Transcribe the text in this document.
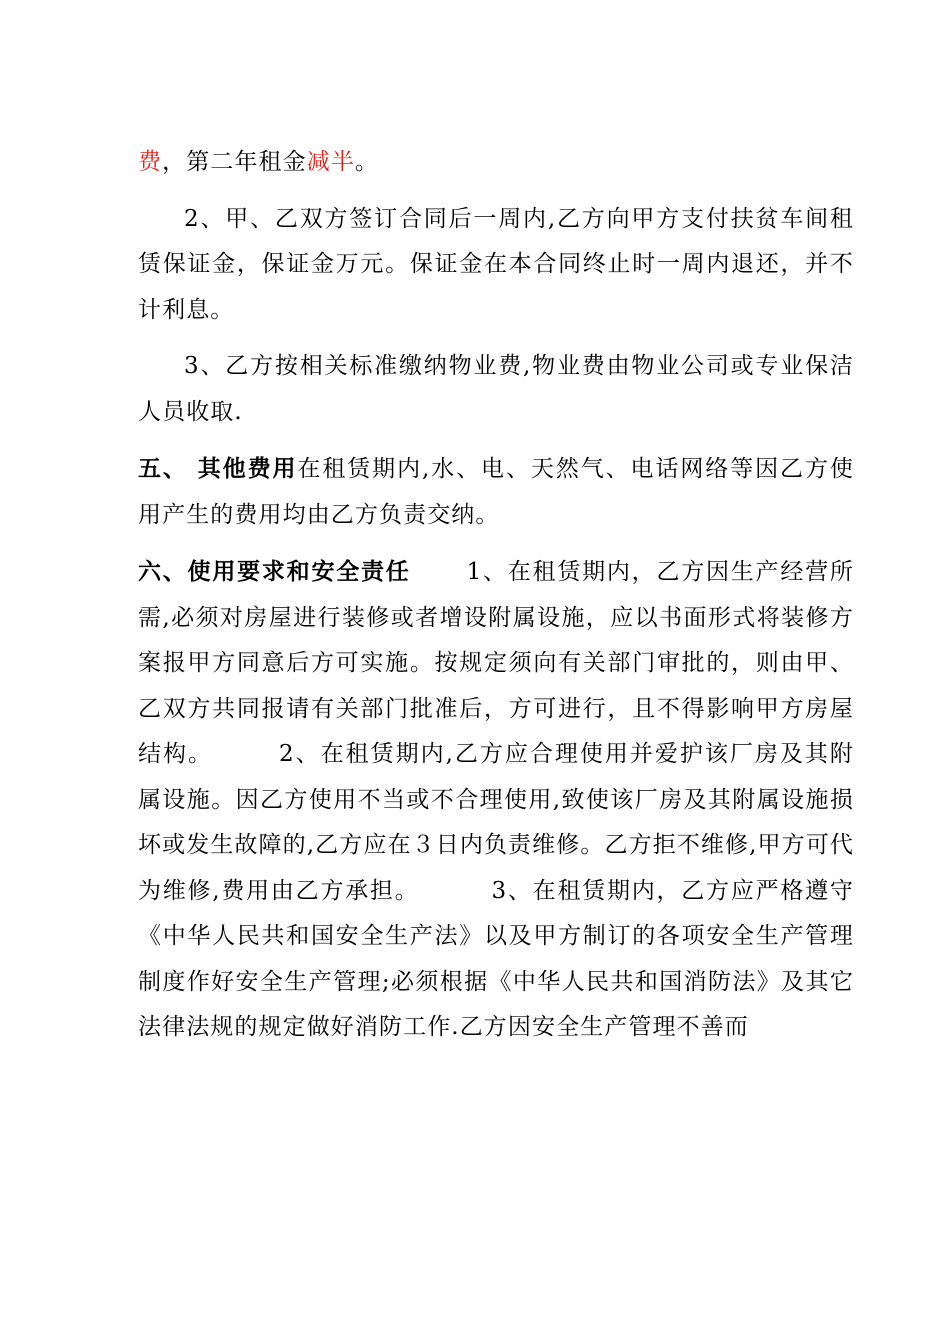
费，第二年租金减半。

2、甲、乙双方签订合同后一周内,乙方向甲方支付扶贫车间租赁保证金，保证金万元。保证金在本合同终止时一周内退还，并不计利息。

3、乙方按相关标准缴纳物业费,物业费由物业公司或专业保洁人员收取.

五、 其他费用在租赁期内,水、电、天然气、电话网络等因乙方使用产生的费用均由乙方负责交纳。

六、使用要求和安全责任 1、在租赁期内，乙方因生产经营所需,必须对房屋进行装修或者增设附属设施，应以书面形式将装修方案报甲方同意后方可实施。按规定须向有关部门审批的，则由甲、乙双方共同报请有关部门批准后，方可进行，且不得影响甲方房屋结构。	2、在租赁期内,乙方应合理使用并爱护该厂房及其附属设施。因乙方使用不当或不合理使用,致使该厂房及其附属设施损坏或发生故障的,乙方应在３日内负责维修。乙方拒不维修,甲方可代为维修,费用由乙方承担。	3、在租赁期内，乙方应严格遵守《中华人民共和国安全生产法》以及甲方制订的各项安全生产管理制度作好安全生产管理;必须根据《中华人民共和国消防法》及其它法律法规的规定做好消防工作.乙方因安全生产管理不善而
